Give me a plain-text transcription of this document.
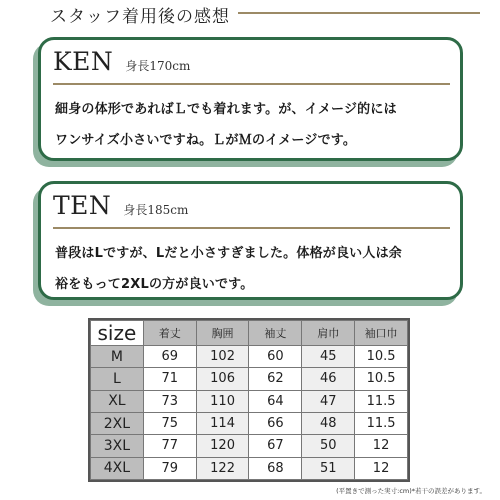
スタッフ着用後の感想
KEN 身長170cm
細身の体形であればＬでも着れます。が、イメージ的には
ワンサイズ小さいですね。ＬがＭのイメージです。
TEN 身長185cm
普段はLですが、Lだと小さすぎました。体格が良い人は余
裕をもって2XLの方が良いです。
size	着丈	胸囲	袖丈	肩巾	袖口巾
M	69	102	60	45	10.5
L	71	106	62	46	10.5
XL	73	110	64	47	11.5
2XL	75	114	66	48	11.5
3XL	77	120	67	50	12
4XL	79	122	68	51	12
(平置きで測った実寸:cm)*若干の誤差があります。
